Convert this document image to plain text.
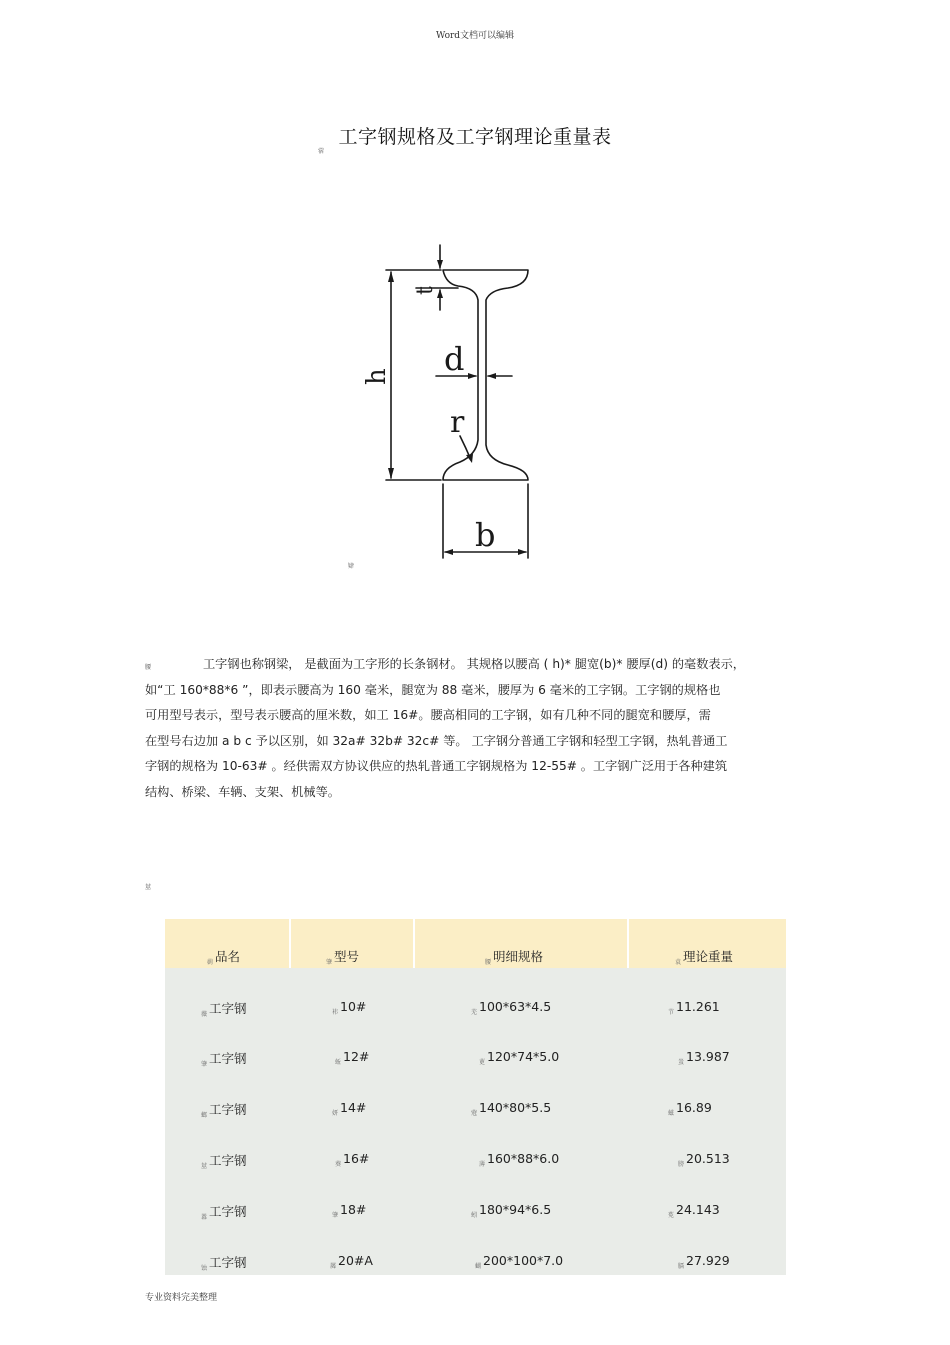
Word文档可以编辑
工字钢规格及工字钢理论重量表
蓿
t
h d
r
b
肄
腰	工字钢也称钢梁， 是截面为工字形的长条钢材。 其规格以腰高 ( h)* 腿宽(b)* 腰厚(d) 的毫数表示，
如“工 160*88*6 ”，即表示腰高为 160 毫米，腿宽为 88 毫米，腰厚为 6 毫米的工字钢。工字钢的规格也
可用型号表示，型号表示腰高的厘米数，如工 16#。腰高相同的工字钢，如有几种不同的腿宽和腰厚，需
在型号右边加 a b c 予以区别，如 32a# 32b# 32c# 等。 工字钢分普通工字钢和轻型工字钢，热轧普通工
字钢的规格为 10-63# 。经供需双方协议供应的热轧普通工字钢规格为 12-55# 。工字钢广泛用于各种建筑
结构、桥梁、车辆、支架、机械等。
莁
$_莿$ 品名	$_肇$ 型号	$_腰$ 明细规格	$_袁$ 理论重量
$_薇$ 工字钢	$_袆$ 10#	$_芜$ 100*63*4.5	$_节$ 11.261
$_肇$ 工字钢	$_蚯$ 12#	$_莄$ 120*74*5.0	$_蚩$ 13.987
$_螂$ 工字钢	$_妍$ 14#	$_蒄$ 140*80*5.5	$_螆$ 16.89
$_莁$ 工字钢	$_葵$ 16#	$_薄$ 160*88*6.0	$_膀$ 20.513
$_羃$ 工字钢	$_肇$ 18#	$_蚓$ 180*94*6.5	$_莬$ 24.143
$_蚀$ 工字钢	$_羼$ 20#A	$_蝴$ 200*100*7.0	$_膈$ 27.929
专业资料完美整理
